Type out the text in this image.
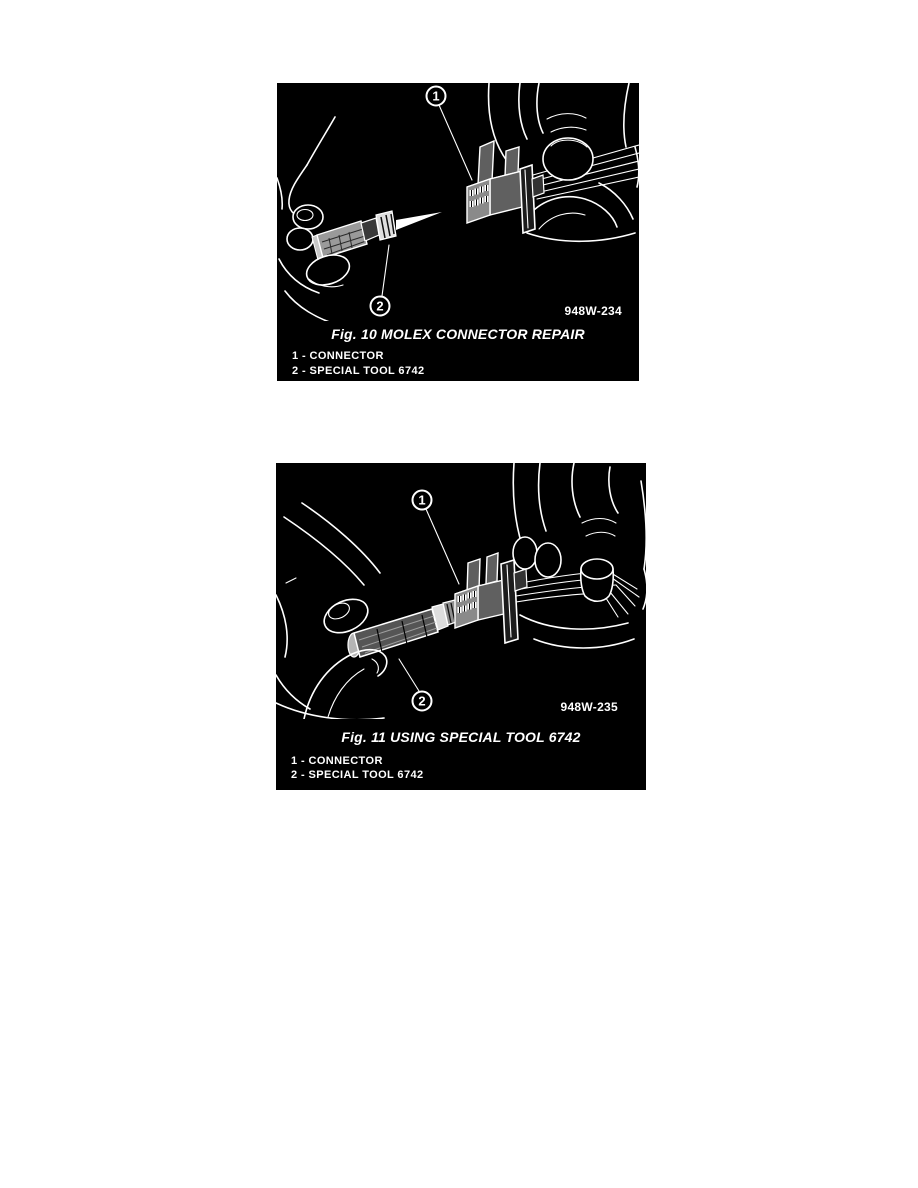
1
2	948W-234
Fig. 10 MOLEX CONNECTOR REPAIR
1 - CONNECTOR
2 - SPECIAL TOOL 6742
1
2	948W-235
Fig. 11 USING SPECIAL TOOL 6742
1 - CONNECTOR
2 - SPECIAL TOOL 6742
